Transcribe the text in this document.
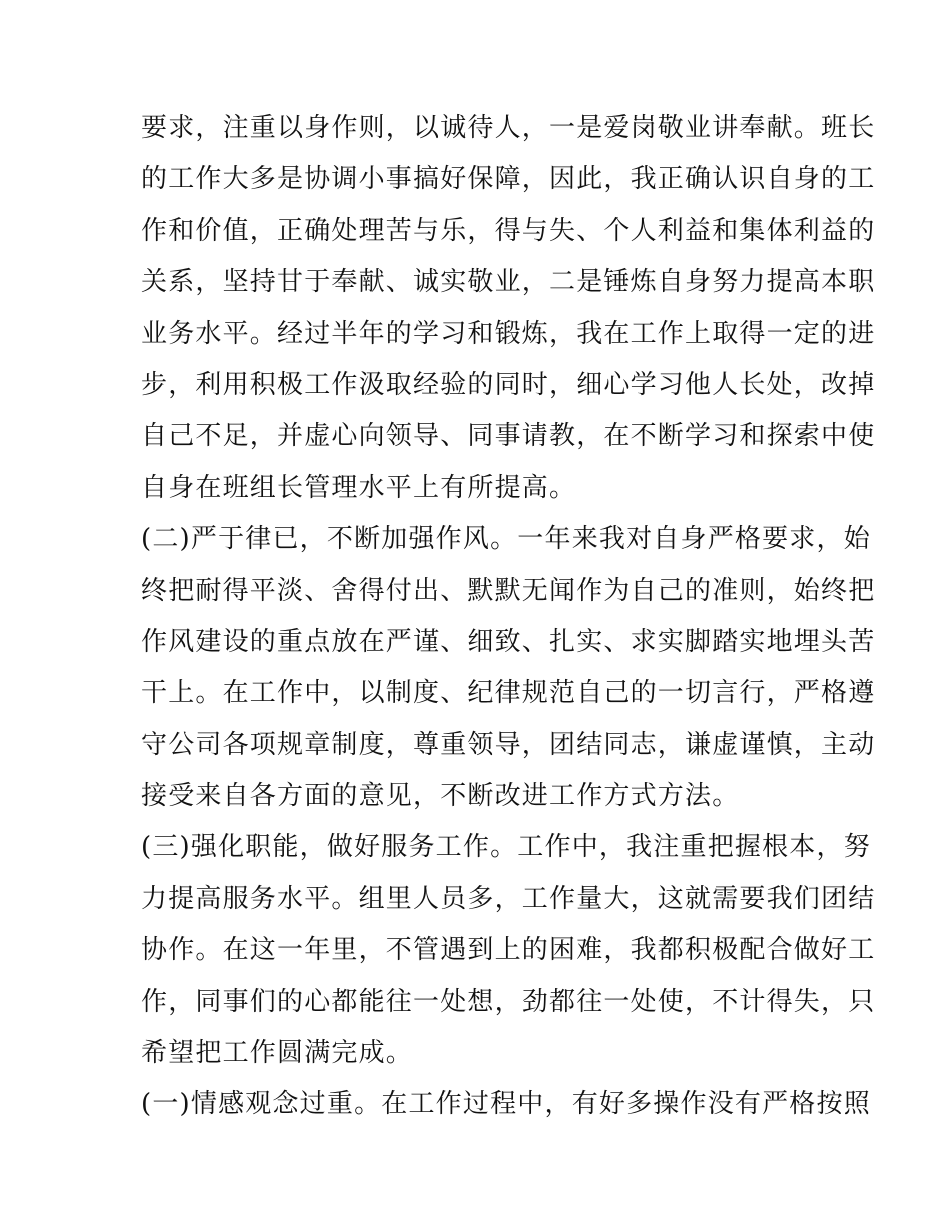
要求，注重以身作则，以诚待人，一是爱岗敬业讲奉献。班长
的工作大多是协调小事搞好保障，因此，我正确认识自身的工
作和价值，正确处理苦与乐，得与失、个人利益和集体利益的
关系，坚持甘于奉献、诚实敬业，二是锤炼自身努力提高本职
业务水平。经过半年的学习和锻炼，我在工作上取得一定的进
步，利用积极工作汲取经验的同时，细心学习他人长处，改掉
自己不足，并虚心向领导、同事请教，在不断学习和探索中使
自身在班组长管理水平上有所提高。
(二)严于律已，不断加强作风。一年来我对自身严格要求，始
终把耐得平淡、舍得付出、默默无闻作为自己的准则，始终把
作风建设的重点放在严谨、细致、扎实、求实脚踏实地埋头苦
干上。在工作中，以制度、纪律规范自己的一切言行，严格遵
守公司各项规章制度，尊重领导，团结同志，谦虚谨慎，主动
接受来自各方面的意见，不断改进工作方式方法。
(三)强化职能，做好服务工作。工作中，我注重把握根本，努
力提高服务水平。组里人员多，工作量大，这就需要我们团结
协作。在这一年里，不管遇到上的困难，我都积极配合做好工
作，同事们的心都能往一处想，劲都往一处使，不计得失，只
希望把工作圆满完成。
(一)情感观念过重。在工作过程中，有好多操作没有严格按照
